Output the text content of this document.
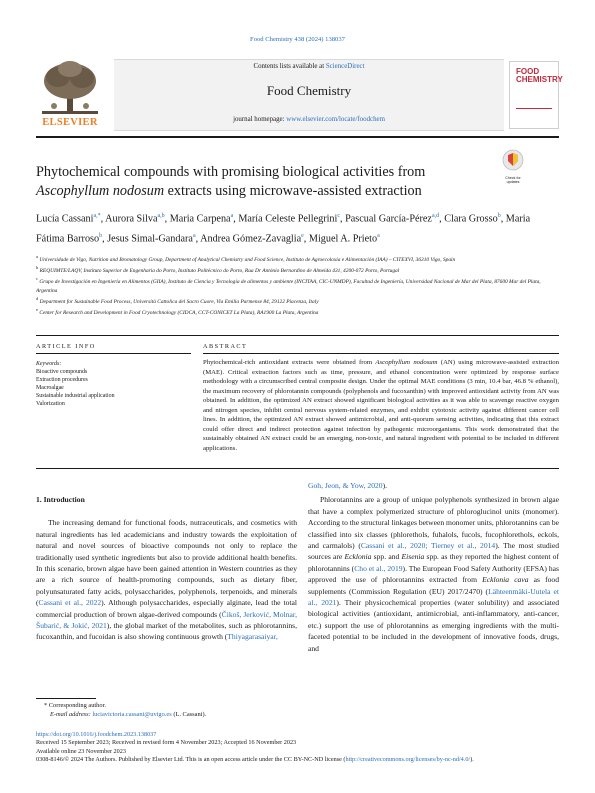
Food Chemistry 438 (2024) 138037
ELSEVIER
Contents lists available at ScienceDirect
Food Chemistry
journal homepage: www.elsevier.com/locate/foodchem
FOOD CHEMISTRY
Phytochemical compounds with promising biological activities from
Ascophyllum nodosum extracts using microwave-assisted extraction
Check for updates
Lucía Cassani$^{a,*}$, Aurora Silva$^{a,b}$, Maria Carpena$^a$, María Celeste Pellegrini$^c$, Pascual García-Pérez$^{a,d}$, Clara Grosso$^b$, Maria Fátima Barroso$^b$, Jesus Simal-Gandara$^a$, Andrea Gómez-Zavaglia$^e$, Miguel A. Prieto$^a$

$^a$ Universidade de Vigo, Nutrition and Bromatology Group, Department of Analytical Chemistry and Food Science, Instituto de Agroecoloxía e Alimentación (IAA) – CITEXVI, 36310 Vigo, Spain

$^b$ REQUIMTE/LAQV, Instituto Superior de Engenharia do Porto, Instituto Politécnico do Porto, Rua Dr António Bernardino de Almeida 431, 4200-072 Porto, Portugal

$^c$ Grupo de Investigación en Ingeniería en Alimentos (GIIA), Instituto de Ciencia y Tecnología de alimentos y ambiente (INCITAA, CIC-UNMDP), Facultad de Ingeniería, Universidad Nacional de Mar del Plata, 87600 Mar del Plata, Argentina

$^d$ Department for Sustainable Food Process, Università Cattolica del Sacro Cuore, Via Emilia Parmense 84, 29122 Piacenza, Italy

$^e$ Center for Research and Development in Food Cryotechnology (CIDCA, CCT-CONICET La Plata), RA1900 La Plata, Argentina

ARTICLE INFO	ABSTRACT
Keywords:
Bioactive compounds
Extraction procedures
Macroalgae
Sustainable industrial application
Valorization
Phytochemical-rich antioxidant extracts were obtained from Ascophyllum nodosum (AN) using microwave-assisted extraction (MAE). Critical extraction factors such as time, pressure, and ethanol concentration were optimized by response surface methodology with a circumscribed central composite design. Under the optimal MAE conditions (3 min, 10.4 bar, 46.8 % ethanol), the maximum recovery of phlorotannin compounds (polyphenols and fucoxanthin) with improved antioxidant activity from AN was obtained. In addition, the optimized AN extract showed significant biological activities as it was able to scavenge reactive oxygen and nitrogen species, inhibit central nervous system-related enzymes, and exhibit cytotoxic activity against different cancer cell lines. In addition, the optimized AN extract showed antimicrobial, and anti-quorum sensing activities, indicating that this extract could offer direct and indirect protection against infection by pathogenic microorganisms. This work demonstrated that the sustainably obtained AN extract could be an emerging, non-toxic, and natural ingredient with potential to be included in different applications.
1. Introduction

The increasing demand for functional foods, nutraceuticals, and cosmetics with natural ingredients has led academicians and industry towards the exploitation of natural and novel sources of bioactive compounds not only to replace the traditionally used synthetic ingredients but also to provide additional health benefits. In this scenario, brown algae have been gained attention in Western countries as they are a rich source of health-promoting compounds, such as dietary fiber, polyunsaturated fatty acids, polysaccharides, polyphenols, terpenoids, and minerals (Cassani et al., 2022). Although polysaccharides, especially alginate, lead the total commercial production of brown algae-derived compounds (Čikoš, Jerković, Molnar, Šubarić, & Jokić, 2021), the global market of the metabolites, such as phlorotannins, fucoxanthin, and fucoidan is also showing continuous growth (Thiyagarasaiyar,

Goh, Jeon, & Yow, 2020).

Phlorotannins are a group of unique polyphenols synthesized in brown algae that have a complex polymerized structure of phloroglucinol units (monomer). According to the structural linkages between monomer units, phlorotannins can be classified into six classes (phlorethols, fuhalols, fucols, fucophlorethols, eckols, and carmalols) (Cassani et al., 2020; Tierney et al., 2014). The most studied sources are Ecklonia spp. and Eisenia spp. as they reported the highest content of phlorotannins (Cho et al., 2019). The European Food Safety Authority (EFSA) has approved the use of phlorotannins extracted from Ecklonia cava as food supplements (Commission Regulation (EU) 2017/2470) (Lähteenmäki-Uutela et al., 2021). Their physicochemical properties (water solubility) and associated biological activities (antioxidant, antimicrobial, anti-inflammatory, anti-cancer, etc.) support the use of phlorotannins as emerging ingredients with the multi-faceted potential to be included in the development of innovative foods, drugs, and

* Corresponding author.
E-mail address: luciavictoria.cassani@uvigo.es (L. Cassani).
https://doi.org/10.1016/j.foodchem.2023.138037
Received 15 September 2023; Received in revised form 4 November 2023; Accepted 16 November 2023
Available online 23 November 2023
0308-8146/© 2024 The Authors. Published by Elsevier Ltd. This is an open access article under the CC BY-NC-ND license (http://creativecommons.org/licenses/by-nc-nd/4.0/).
